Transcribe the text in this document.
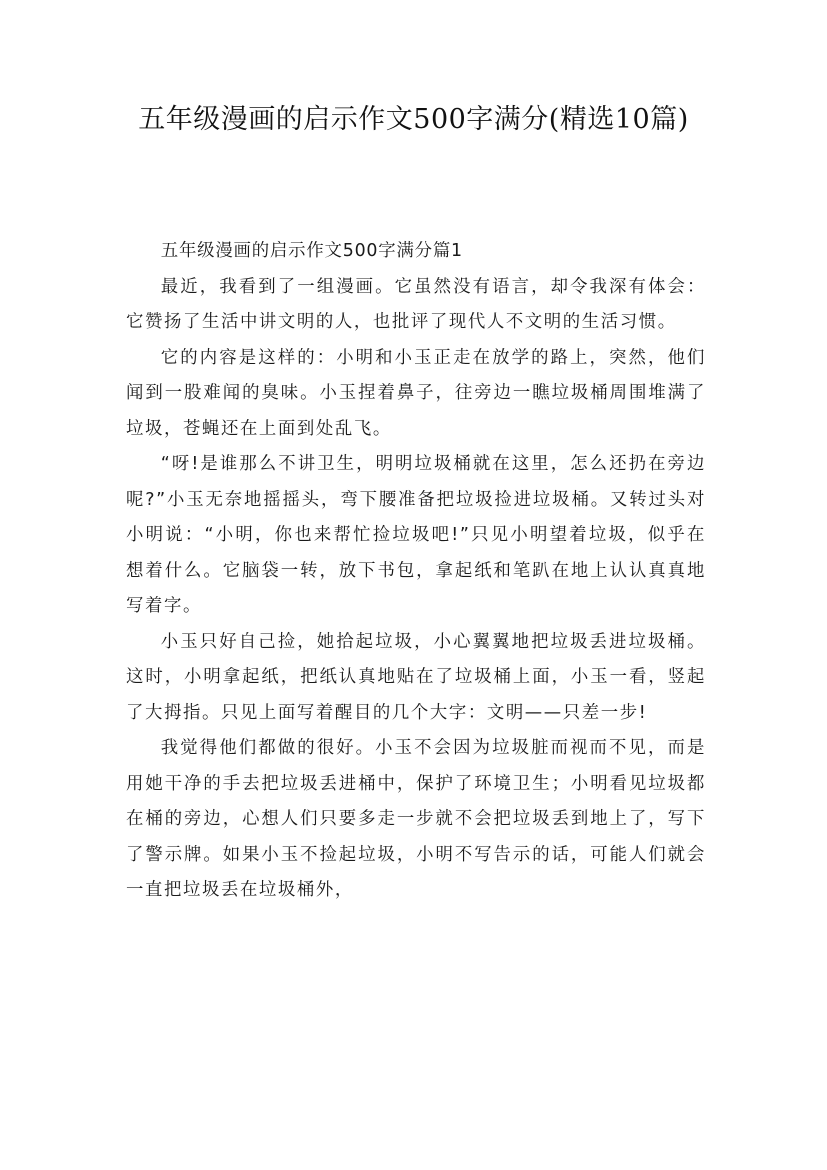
五年级漫画的启示作文500字满分(精选10篇)

五年级漫画的启示作文500字满分篇1

最近，我看到了一组漫画。它虽然没有语言，却令我深有体会：它赞扬了生活中讲文明的人，也批评了现代人不文明的生活习惯。

它的内容是这样的：小明和小玉正走在放学的路上，突然，他们闻到一股难闻的臭味。小玉捏着鼻子，往旁边一瞧垃圾桶周围堆满了垃圾，苍蝇还在上面到处乱飞。

“呀!是谁那么不讲卫生，明明垃圾桶就在这里，怎么还扔在旁边呢?”小玉无奈地摇摇头，弯下腰准备把垃圾捡进垃圾桶。又转过头对小明说：“小明，你也来帮忙捡垃圾吧!”只见小明望着垃圾，似乎在想着什么。它脑袋一转，放下书包，拿起纸和笔趴在地上认认真真地写着字。

小玉只好自己捡，她拾起垃圾，小心翼翼地把垃圾丢进垃圾桶。这时，小明拿起纸，把纸认真地贴在了垃圾桶上面，小玉一看，竖起了大拇指。只见上面写着醒目的几个大字：文明——只差一步!

我觉得他们都做的很好。小玉不会因为垃圾脏而视而不见，而是用她干净的手去把垃圾丢进桶中，保护了环境卫生；小明看见垃圾都在桶的旁边，心想人们只要多走一步就不会把垃圾丢到地上了，写下了警示牌。如果小玉不捡起垃圾，小明不写告示的话，可能人们就会一直把垃圾丢在垃圾桶外，
